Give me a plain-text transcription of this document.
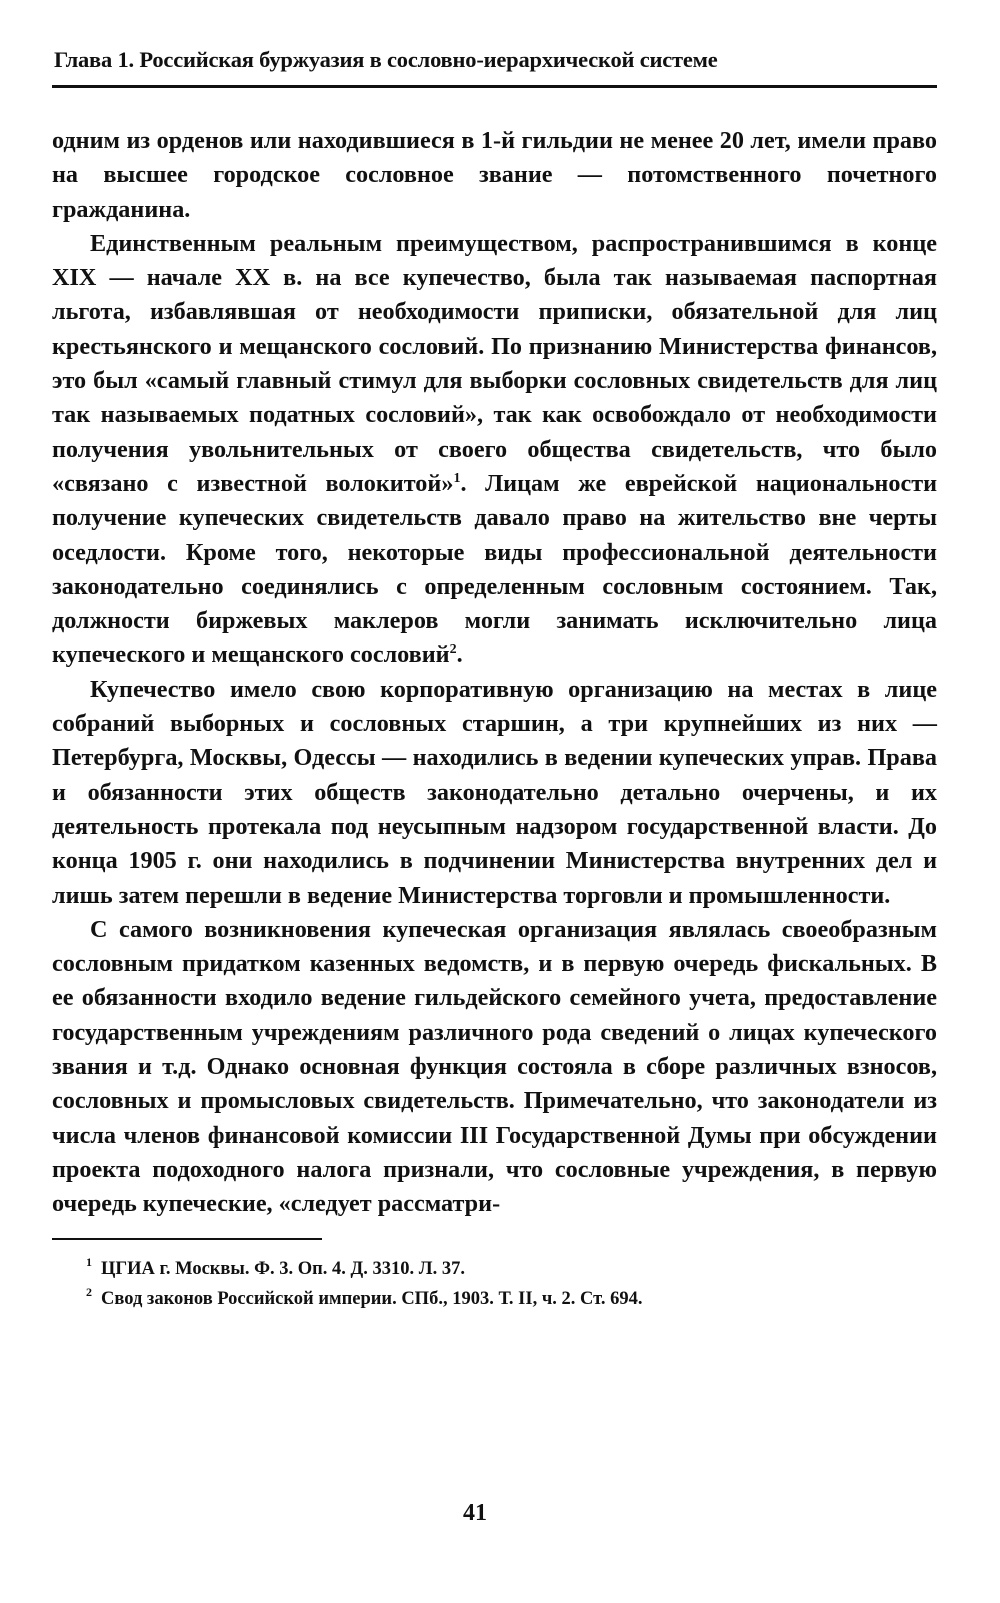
Глава 1. Российская буржуазия в сословно-иерархической системе

одним из орденов или находившиеся в 1-й гильдии не менее 20 лет, имели право на высшее городское сословное звание — потомственного почетного гражданина.

Единственным реальным преимуществом, распространившимся в конце XIX — начале XX в. на все купечество, была так называемая паспортная льгота, избавлявшая от необходимости приписки, обязательной для лиц крестьянского и мещанского сословий. По признанию Министерства финансов, это был «самый главный стимул для выборки сословных свидетельств для лиц так называемых податных сословий», так как освобождало от необходимости получения увольнительных от своего общества свидетельств, что было «связано с известной волокитой»$^1$. Лицам же еврейской национальности получение купеческих свидетельств давало право на жительство вне черты оседлости. Кроме того, некоторые виды профессиональной деятельности законодательно соединялись с определенным сословным состоянием. Так, должности биржевых маклеров могли занимать исключительно лица купеческого и мещанского сословий$^2$.

Купечество имело свою корпоративную организацию на местах в лице собраний выборных и сословных старшин, а три крупнейших из них — Петербурга, Москвы, Одессы — находились в ведении купеческих управ. Права и обязанности этих обществ законодательно детально очерчены, и их деятельность протекала под неусыпным надзором государственной власти. До конца 1905 г. они находились в подчинении Министерства внутренних дел и лишь затем перешли в ведение Министерства торговли и промышленности.

С самого возникновения купеческая организация являлась своеобразным сословным придатком казенных ведомств, и в первую очередь фискальных. В ее обязанности входило ведение гильдейского семейного учета, предоставление государственным учреждениям различного рода сведений о лицах купеческого звания и т.д. Однако основная функция состояла в сборе различных взносов, сословных и промысловых свидетельств. Примечательно, что законодатели из числа членов финансовой комиссии III Государственной Думы при обсуждении проекта подоходного налога признали, что сословные учреждения, в первую очередь купеческие, «следует рассматри-

$^1$ ЦГИА г. Москвы. Ф. 3. Оп. 4. Д. 3310. Л. 37.
$^2$ Свод законов Российской империи. СПб., 1903. Т. II, ч. 2. Ст. 694.
41
